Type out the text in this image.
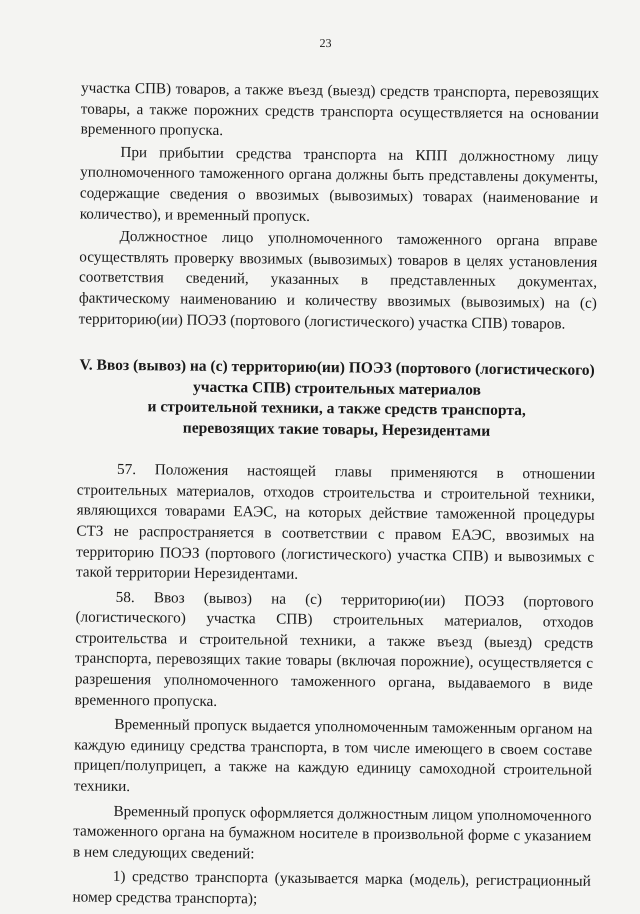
23

участка СПВ) товаров, а также въезд (выезд) средств транспорта, перевозящих товары, а также порожних средств транспорта осуществляется на основании временного пропуска.

При прибытии средства транспорта на КПП должностному лицу уполномоченного таможенного органа должны быть представлены документы, содержащие сведения о ввозимых (вывозимых) товарах (наименование и количество), и временный пропуск.

Должностное лицо уполномоченного таможенного органа вправе осуществлять проверку ввозимых (вывозимых) товаров в целях установления соответствия сведений, указанных в представленных документах, фактическому наименованию и количеству ввозимых (вывозимых) на (с) территорию(ии) ПОЭЗ (портового (логистического) участка СПВ) товаров.

V. Ввоз (вывоз) на (с) территорию(ии) ПОЭЗ (портового (логистического)
участка СПВ) строительных материалов
и строительной техники, а также средств транспорта,
перевозящих такие товары, Нерезидентами

57. Положения настоящей главы применяются в отношении строительных материалов, отходов строительства и строительной техники, являющихся товарами ЕАЭС, на которых действие таможенной процедуры СТЗ не распространяется в соответствии с правом ЕАЭС, ввозимых на территорию ПОЭЗ (портового (логистического) участка СПВ) и вывозимых с такой территории Нерезидентами.

58. Ввоз (вывоз) на (с) территорию(ии) ПОЭЗ (портового (логистического) участка СПВ) строительных материалов, отходов строительства и строительной техники, а также въезд (выезд) средств транспорта, перевозящих такие товары (включая порожние), осуществляется с разрешения уполномоченного таможенного органа, выдаваемого в виде временного пропуска.

Временный пропуск выдается уполномоченным таможенным органом на каждую единицу средства транспорта, в том числе имеющего в своем составе прицеп/полуприцеп, а также на каждую единицу самоходной строительной техники.

Временный пропуск оформляется должностным лицом уполномоченного таможенного органа на бумажном носителе в произвольной форме с указанием в нем следующих сведений:

1) средство транспорта (указывается марка (модель), регистрационный номер средства транспорта);
